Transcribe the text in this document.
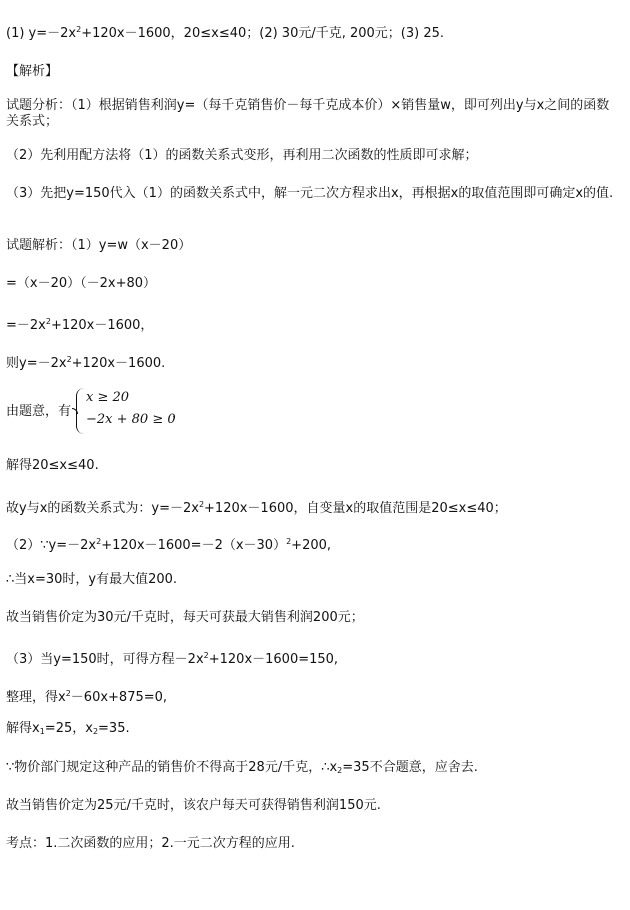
(1) $y=-2x^2+120x-1600$，20≤x≤40；(2) 30元/千克, 200元；(3) 25.
【解析】
试题分析：（1）根据销售利润y=（每千克销售价－每千克成本价）×销售量w，即可列出y与x之间的函数关系式；
（2）先利用配方法将（1）的函数关系式变形，再利用二次函数的性质即可求解；
（3）先把y=150代入（1）的函数关系式中，解一元二次方程求出x，再根据x的取值范围即可确定x的值.
试题解析：（1）y=w（x－20）
=（x－20）（－2x+80）
$=-2x^2+120x-1600$，
则$y=-2x^2+120x-1600$.
由题意，有
x ≥ 20
−2x + 80 ≥ 0
，
解得20≤x≤40.
故y与x的函数关系式为：$y=-2x^2+120x-1600$，自变量x的取值范围是20≤x≤40；
$(2)\because y=-2x^2+120x-1600=-2(x-30)^2+200$,
∴当x=30时，y有最大值200.
故当销售价定为30元/千克时，每天可获最大销售利润200元；
（3）当y=150时，可得方程$-2x^2+120x-1600=150$,
整理，得$x^2-60x+875=0$,
解得$x_1=25$，$x_2=35$.
∵物价部门规定这种产品的销售价不得高于28元/千克，$\therefore x_2=35$不合题意，应舍去.
故当销售价定为25元/千克时，该农户每天可获得销售利润150元.
考点：1.二次函数的应用；2.一元二次方程的应用.
